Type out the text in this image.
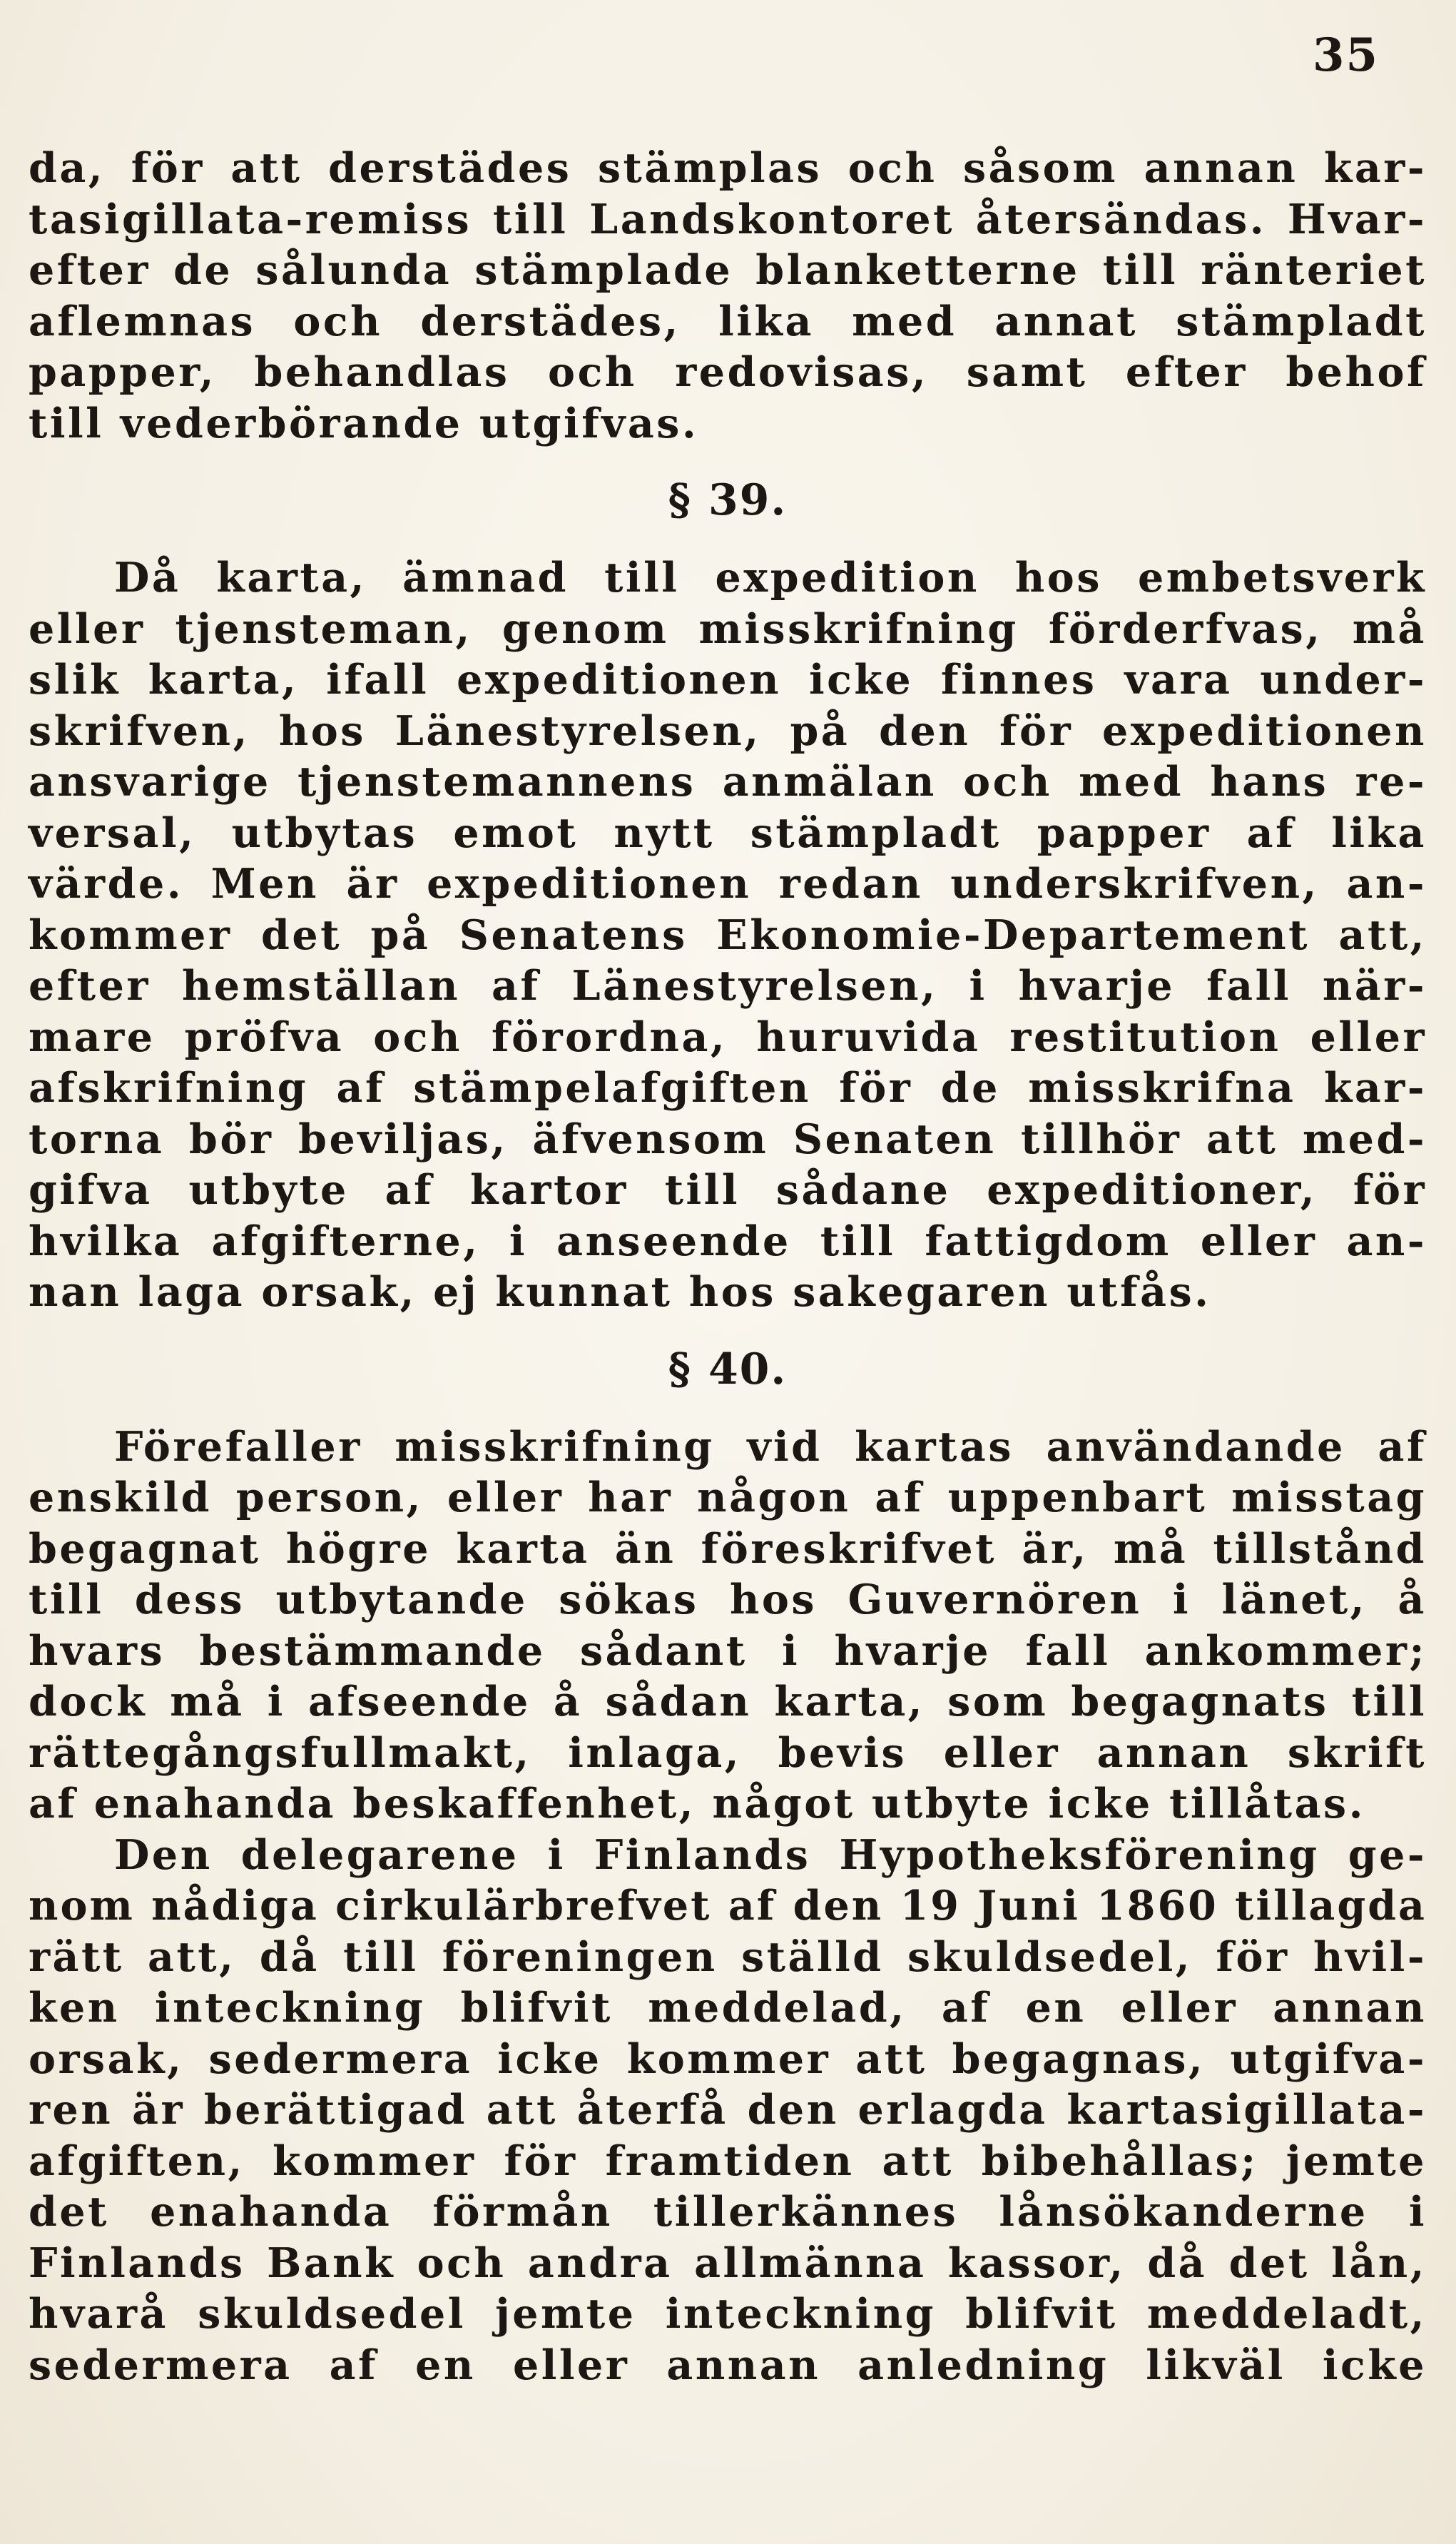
35
da, för att derstädes stämplas och såsom annan kar-
tasigillata-remiss till Landskontoret återsändas. Hvar-
efter de sålunda stämplade blanketterne till ränteriet
aflemnas och derstädes, lika med annat stämpladt
papper, behandlas och redovisas, samt efter behof
till vederbörande utgifvas.
§ 39.
Då karta, ämnad till expedition hos embetsverk
eller tjensteman, genom misskrifning förderfvas, må
slik karta, ifall expeditionen icke finnes vara under-
skrifven, hos Länestyrelsen, på den för expeditionen
ansvarige tjenstemannens anmälan och med hans re-
versal, utbytas emot nytt stämpladt papper af lika
värde. Men är expeditionen redan underskrifven, an-
kommer det på Senatens Ekonomie-Departement att,
efter hemställan af Länestyrelsen, i hvarje fall när-
mare pröfva och förordna, huruvida restitution eller
afskrifning af stämpelafgiften för de misskrifna kar-
torna bör beviljas, äfvensom Senaten tillhör att med-
gifva utbyte af kartor till sådane expeditioner, för
hvilka afgifterne, i anseende till fattigdom eller an-
nan laga orsak, ej kunnat hos sakegaren utfås.
§ 40.
Förefaller misskrifning vid kartas användande af
enskild person, eller har någon af uppenbart misstag
begagnat högre karta än föreskrifvet är, må tillstånd
till dess utbytande sökas hos Guvernören i länet, å
hvars bestämmande sådant i hvarje fall ankommer;
dock må i afseende å sådan karta, som begagnats till
rättegångsfullmakt, inlaga, bevis eller annan skrift
af enahanda beskaffenhet, något utbyte icke tillåtas.
Den delegarene i Finlands Hypotheksförening ge-
nom nådiga cirkulärbrefvet af den 19 Juni 1860 tillagda
rätt att, då till föreningen ställd skuldsedel, för hvil-
ken inteckning blifvit meddelad, af en eller annan
orsak, sedermera icke kommer att begagnas, utgifva-
ren är berättigad att återfå den erlagda kartasigillata-
afgiften, kommer för framtiden att bibehållas; jemte
det enahanda förmån tillerkännes lånsökanderne i
Finlands Bank och andra allmänna kassor, då det lån,
hvarå skuldsedel jemte inteckning blifvit meddeladt,
sedermera af en eller annan anledning likväl icke
